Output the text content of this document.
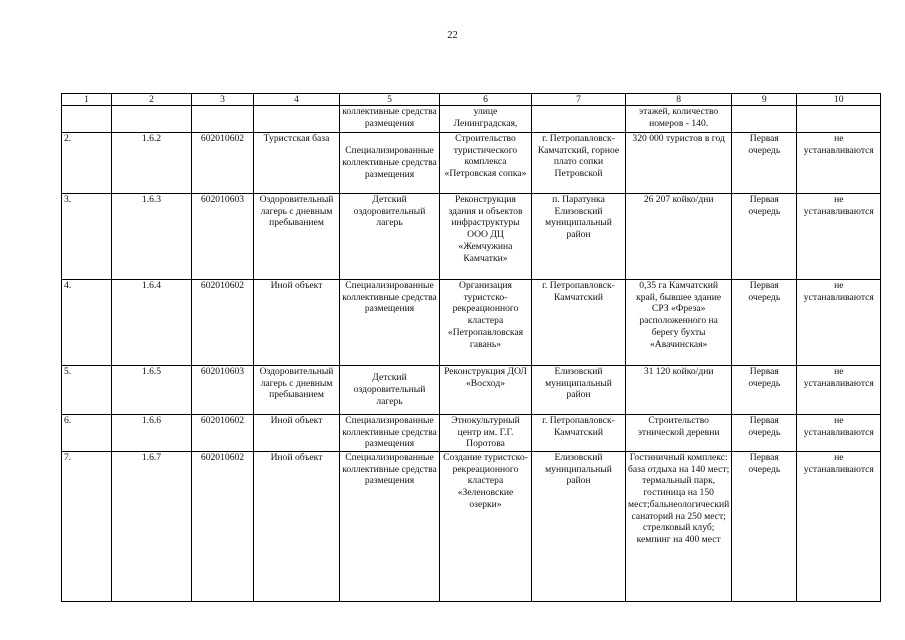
22
1	2	3	4	5	6	7	8	9	10
				коллективные средства размещения	улице Ленинградская,		этажей, количество номеров - 140.		
2.	1.6.2	602010602	Туристская база	Специализированные коллективные средства размещения	Строительство туристического комплекса «Петровская сопка»	г. Петропавловск-Камчатский, горное плато сопки Петровской	320 000 туристов в год	Первая очередь	не устанавливаются
3.	1.6.3	602010603	Оздоровительный лагерь с дневным пребыванием	Детский оздоровительный лагерь	Реконструкция здания и объектов инфраструктуры ООО ДЦ «Жемчужина Камчатки»	п. Паратунка Елизовский муниципальный район	26 207 койко/дни	Первая очередь	не устанавливаются
4.	1.6.4	602010602	Иной объект	Специализированные коллективные средства размещения	Организация туристско-рекреационного кластера «Петропавловская гавань»	г. Петропавловск-Камчатский	0,35 га Камчатский край, бывшее здание СРЗ «Фреза» расположенного на берегу бухты «Авачинская»	Первая очередь	не устанавливаются
5.	1.6.5	602010603	Оздоровительный лагерь с дневным пребыванием	Детский оздоровительный лагерь	Реконструкция ДОЛ «Восход»	Елизовский муниципальный район	31 120 койко/дни	Первая очередь	не устанавливаются
6.	1.6.6	602010602	Иной объект	Специализированные коллективные средства размещения	Этнокультурный центр им. Г.Г. Поротова	г. Петропавловск-Камчатский	Строительство этнической деревни	Первая очередь	не устанавливаются
7.	1.6.7	602010602	Иной объект	Специализированные коллективные средства размещения	Создание туристско-рекреационного кластера «Зеленовские озерки»	Елизовский муниципальный район	Гостиничный комплекс: база отдыха на 140 мест; термальный парк, гостиница на 150 мест;бальнеологический санаторий на 250 мест; стрелковый клуб; кемпинг на 400 мест	Первая очередь	не устанавливаются
